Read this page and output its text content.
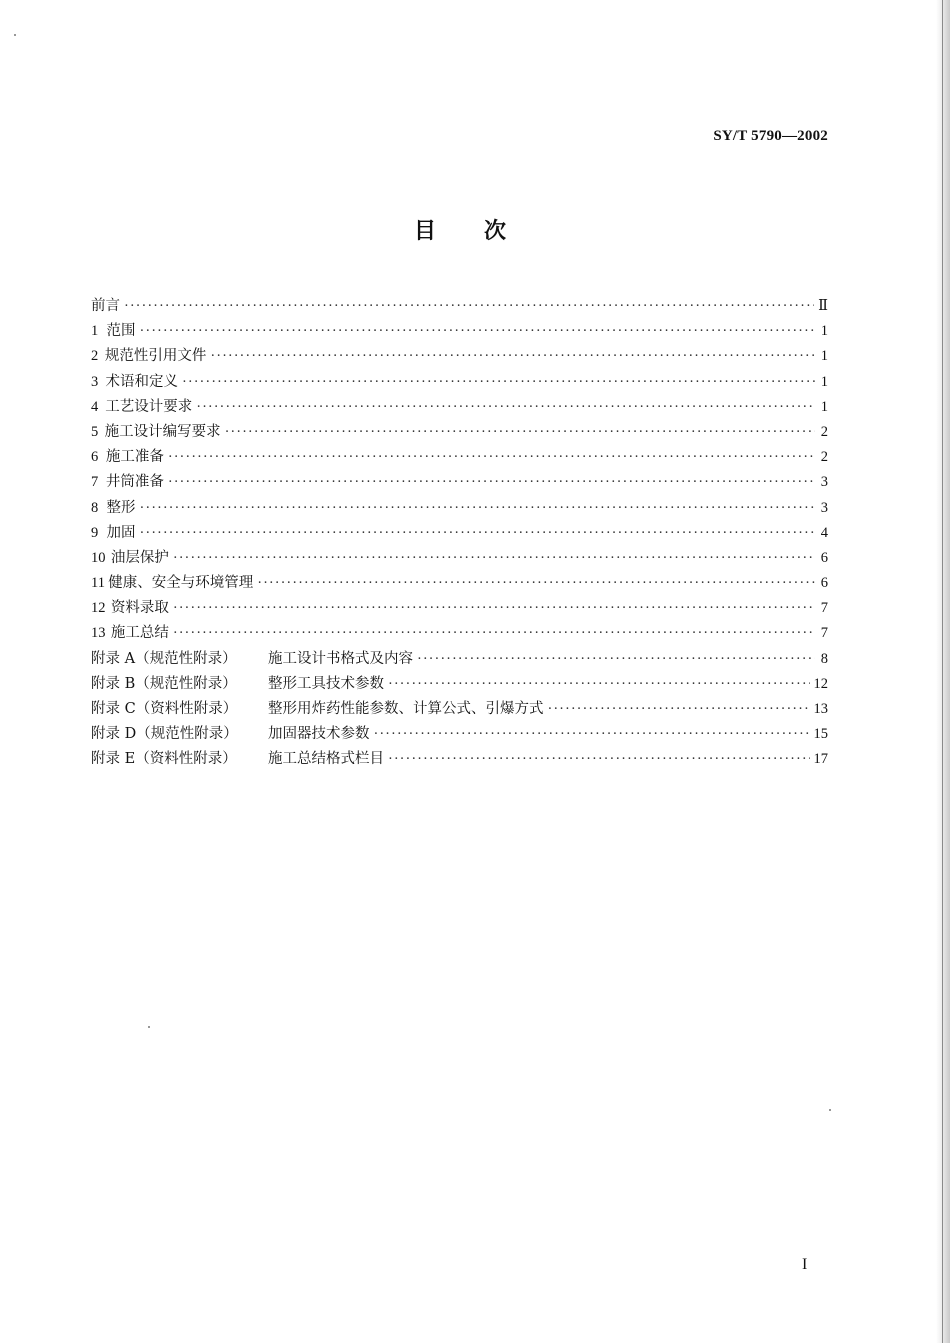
SY/T 5790—2002
目 次
前言 ·····	Ⅱ
1 范围 ·····	1
2 规范性引用文件 ·····	1
3 术语和定义 ·····	1
4 工艺设计要求 ·····	1
5 施工设计编写要求 ·····	2
6 施工准备 ·····	2
7 井筒准备 ·····	3
8 整形 ·····	3
9 加固 ·····	4
10 油层保护 ·····	6
11 健康、安全与环境管理 ·····	6
12 资料录取 ·····	7
13 施工总结 ·····	7
附录 A（规范性附录）	施工设计书格式及内容 ·····	8
附录 B（规范性附录）	整形工具技术参数 ·····	12
附录 C（资料性附录）	整形用炸药性能参数、计算公式、引爆方式 ·····	13
附录 D（规范性附录）	加固器技术参数 ·····	15
附录 E（资料性附录）	施工总结格式栏目 ·····	17
I
